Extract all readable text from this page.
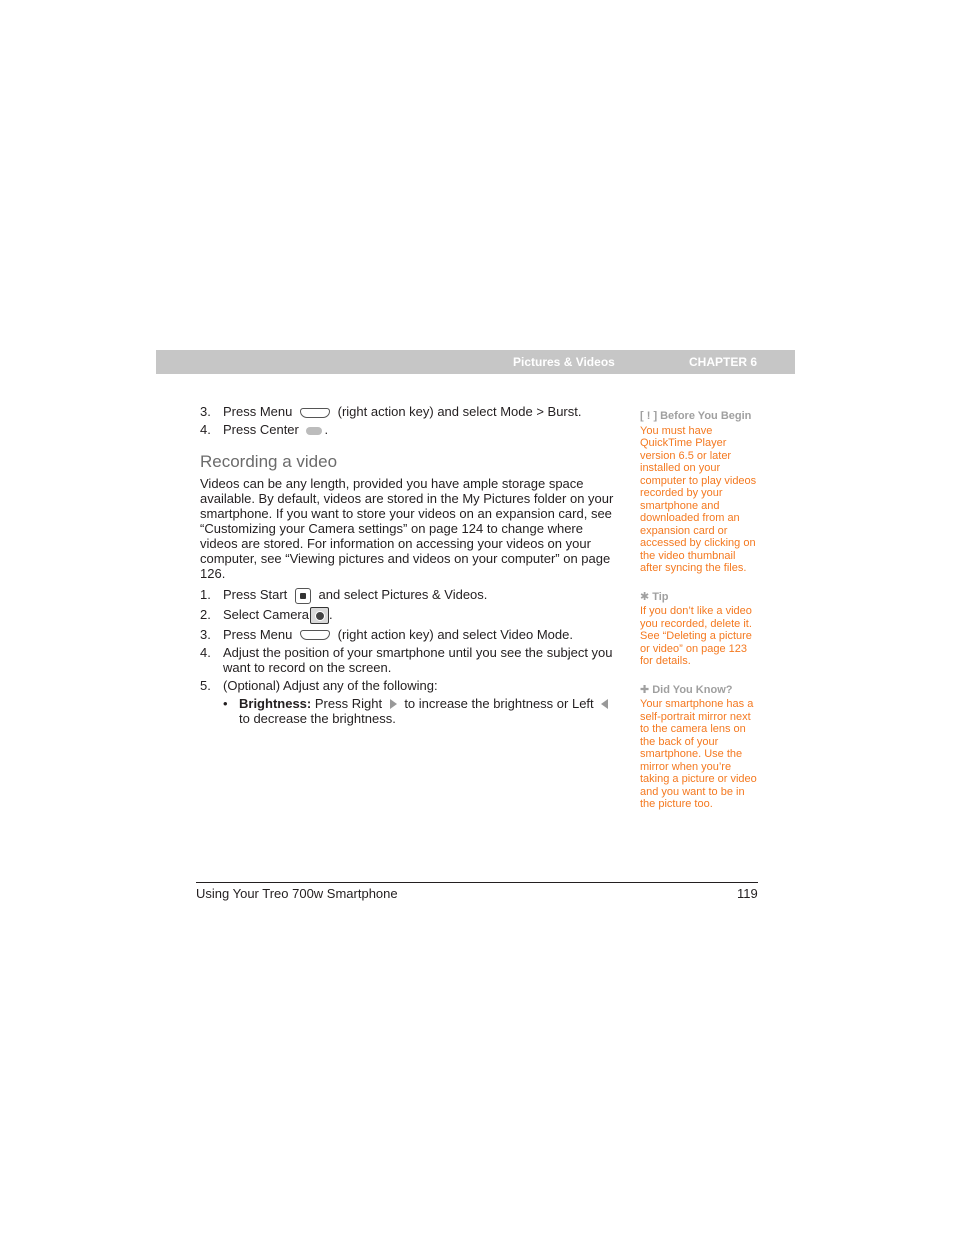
Pictures & Videos	CHAPTER 6
3. Press Menu	(right action key) and select Mode > Burst.
4. Press Center .
Recording a video
Videos can be any length, provided you have ample storage space available. By default, videos are stored in the My Pictures folder on your smartphone. If you want to store your videos on an expansion card, see “Customizing your Camera settings” on page 124 to change where videos are stored. For information on accessing your videos on your computer, see “Viewing pictures and videos on your computer” on page 126.
1. Press Start and select Pictures & Videos.
2. Select Camera .
3. Press Menu	(right action key) and select Video Mode.
4. Adjust the position of your smartphone until you see the subject you want to record on the screen.
5. (Optional) Adjust any of the following:
• Brightness: Press Right to increase the brightness or Left  to decrease the brightness.
[ ! ] Before You Begin
You must have QuickTime Player version 6.5 or later installed on your computer to play videos recorded by your smartphone and downloaded from an expansion card or accessed by clicking on the video thumbnail after syncing the files.
✱ Tip
If you don’t like a video you recorded, delete it. See “Deleting a picture or video” on page 123 for details.
✚ Did You Know?
Your smartphone has a self-portrait mirror next to the camera lens on the back of your smartphone. Use the mirror when you’re taking a picture or video and you want to be in the picture too.
Using Your Treo 700w Smartphone	119
